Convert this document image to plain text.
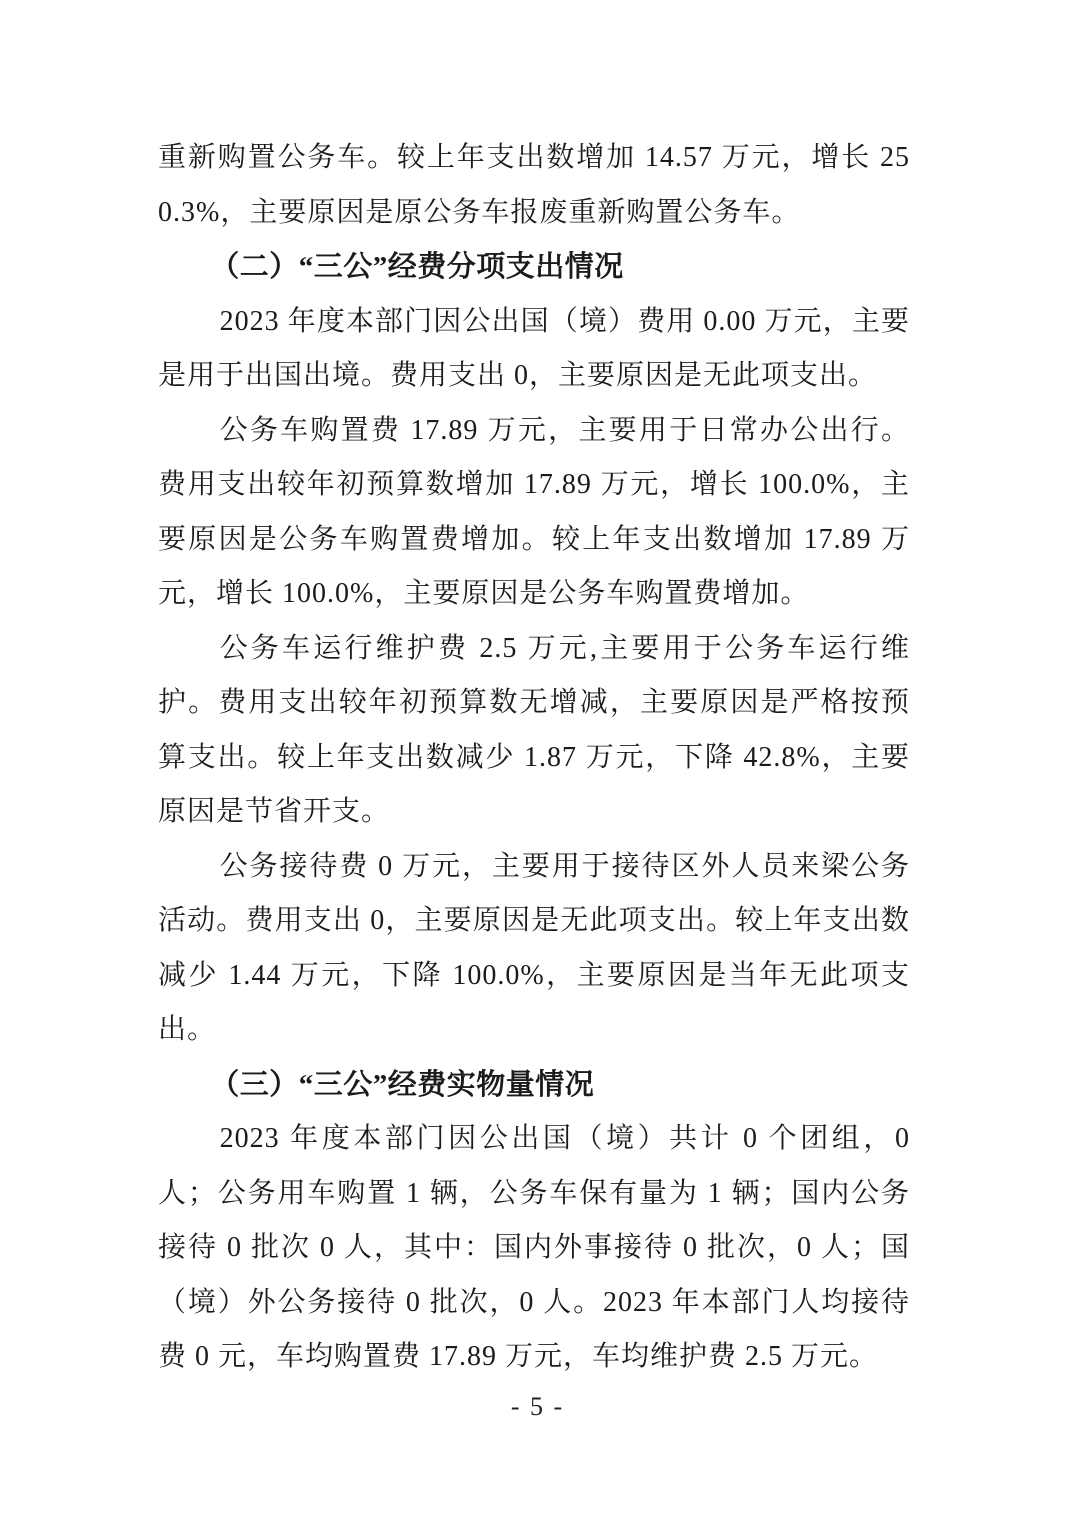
重新购置公务车。较上年支出数增加 14.57 万元，增长 250.3%，主要原因是原公务车报废重新购置公务车。

（二）“三公”经费分项支出情况

2023 年度本部门因公出国（境）费用 0.00 万元，主要是用于出国出境。费用支出 0，主要原因是无此项支出。

公务车购置费 17.89 万元，主要用于日常办公出行。费用支出较年初预算数增加 17.89 万元，增长 100.0%，主要原因是公务车购置费增加。较上年支出数增加 17.89 万元，增长 100.0%，主要原因是公务车购置费增加。

公务车运行维护费 2.5 万元,主要用于公务车运行维护。费用支出较年初预算数无增减，主要原因是严格按预算支出。较上年支出数减少 1.87 万元，下降 42.8%，主要原因是节省开支。

公务接待费 0 万元，主要用于接待区外人员来梁公务活动。费用支出 0，主要原因是无此项支出。较上年支出数减少 1.44 万元，下降 100.0%，主要原因是当年无此项支出。

（三）“三公”经费实物量情况

2023 年度本部门因公出国（境）共计 0 个团组，0 人；公务用车购置 1 辆，公务车保有量为 1 辆；国内公务接待 0 批次 0 人，其中：国内外事接待 0 批次，0 人；国（境）外公务接待 0 批次，0 人。2023 年本部门人均接待费 0 元，车均购置费 17.89 万元，车均维护费 2.5 万元。

- 5 -
